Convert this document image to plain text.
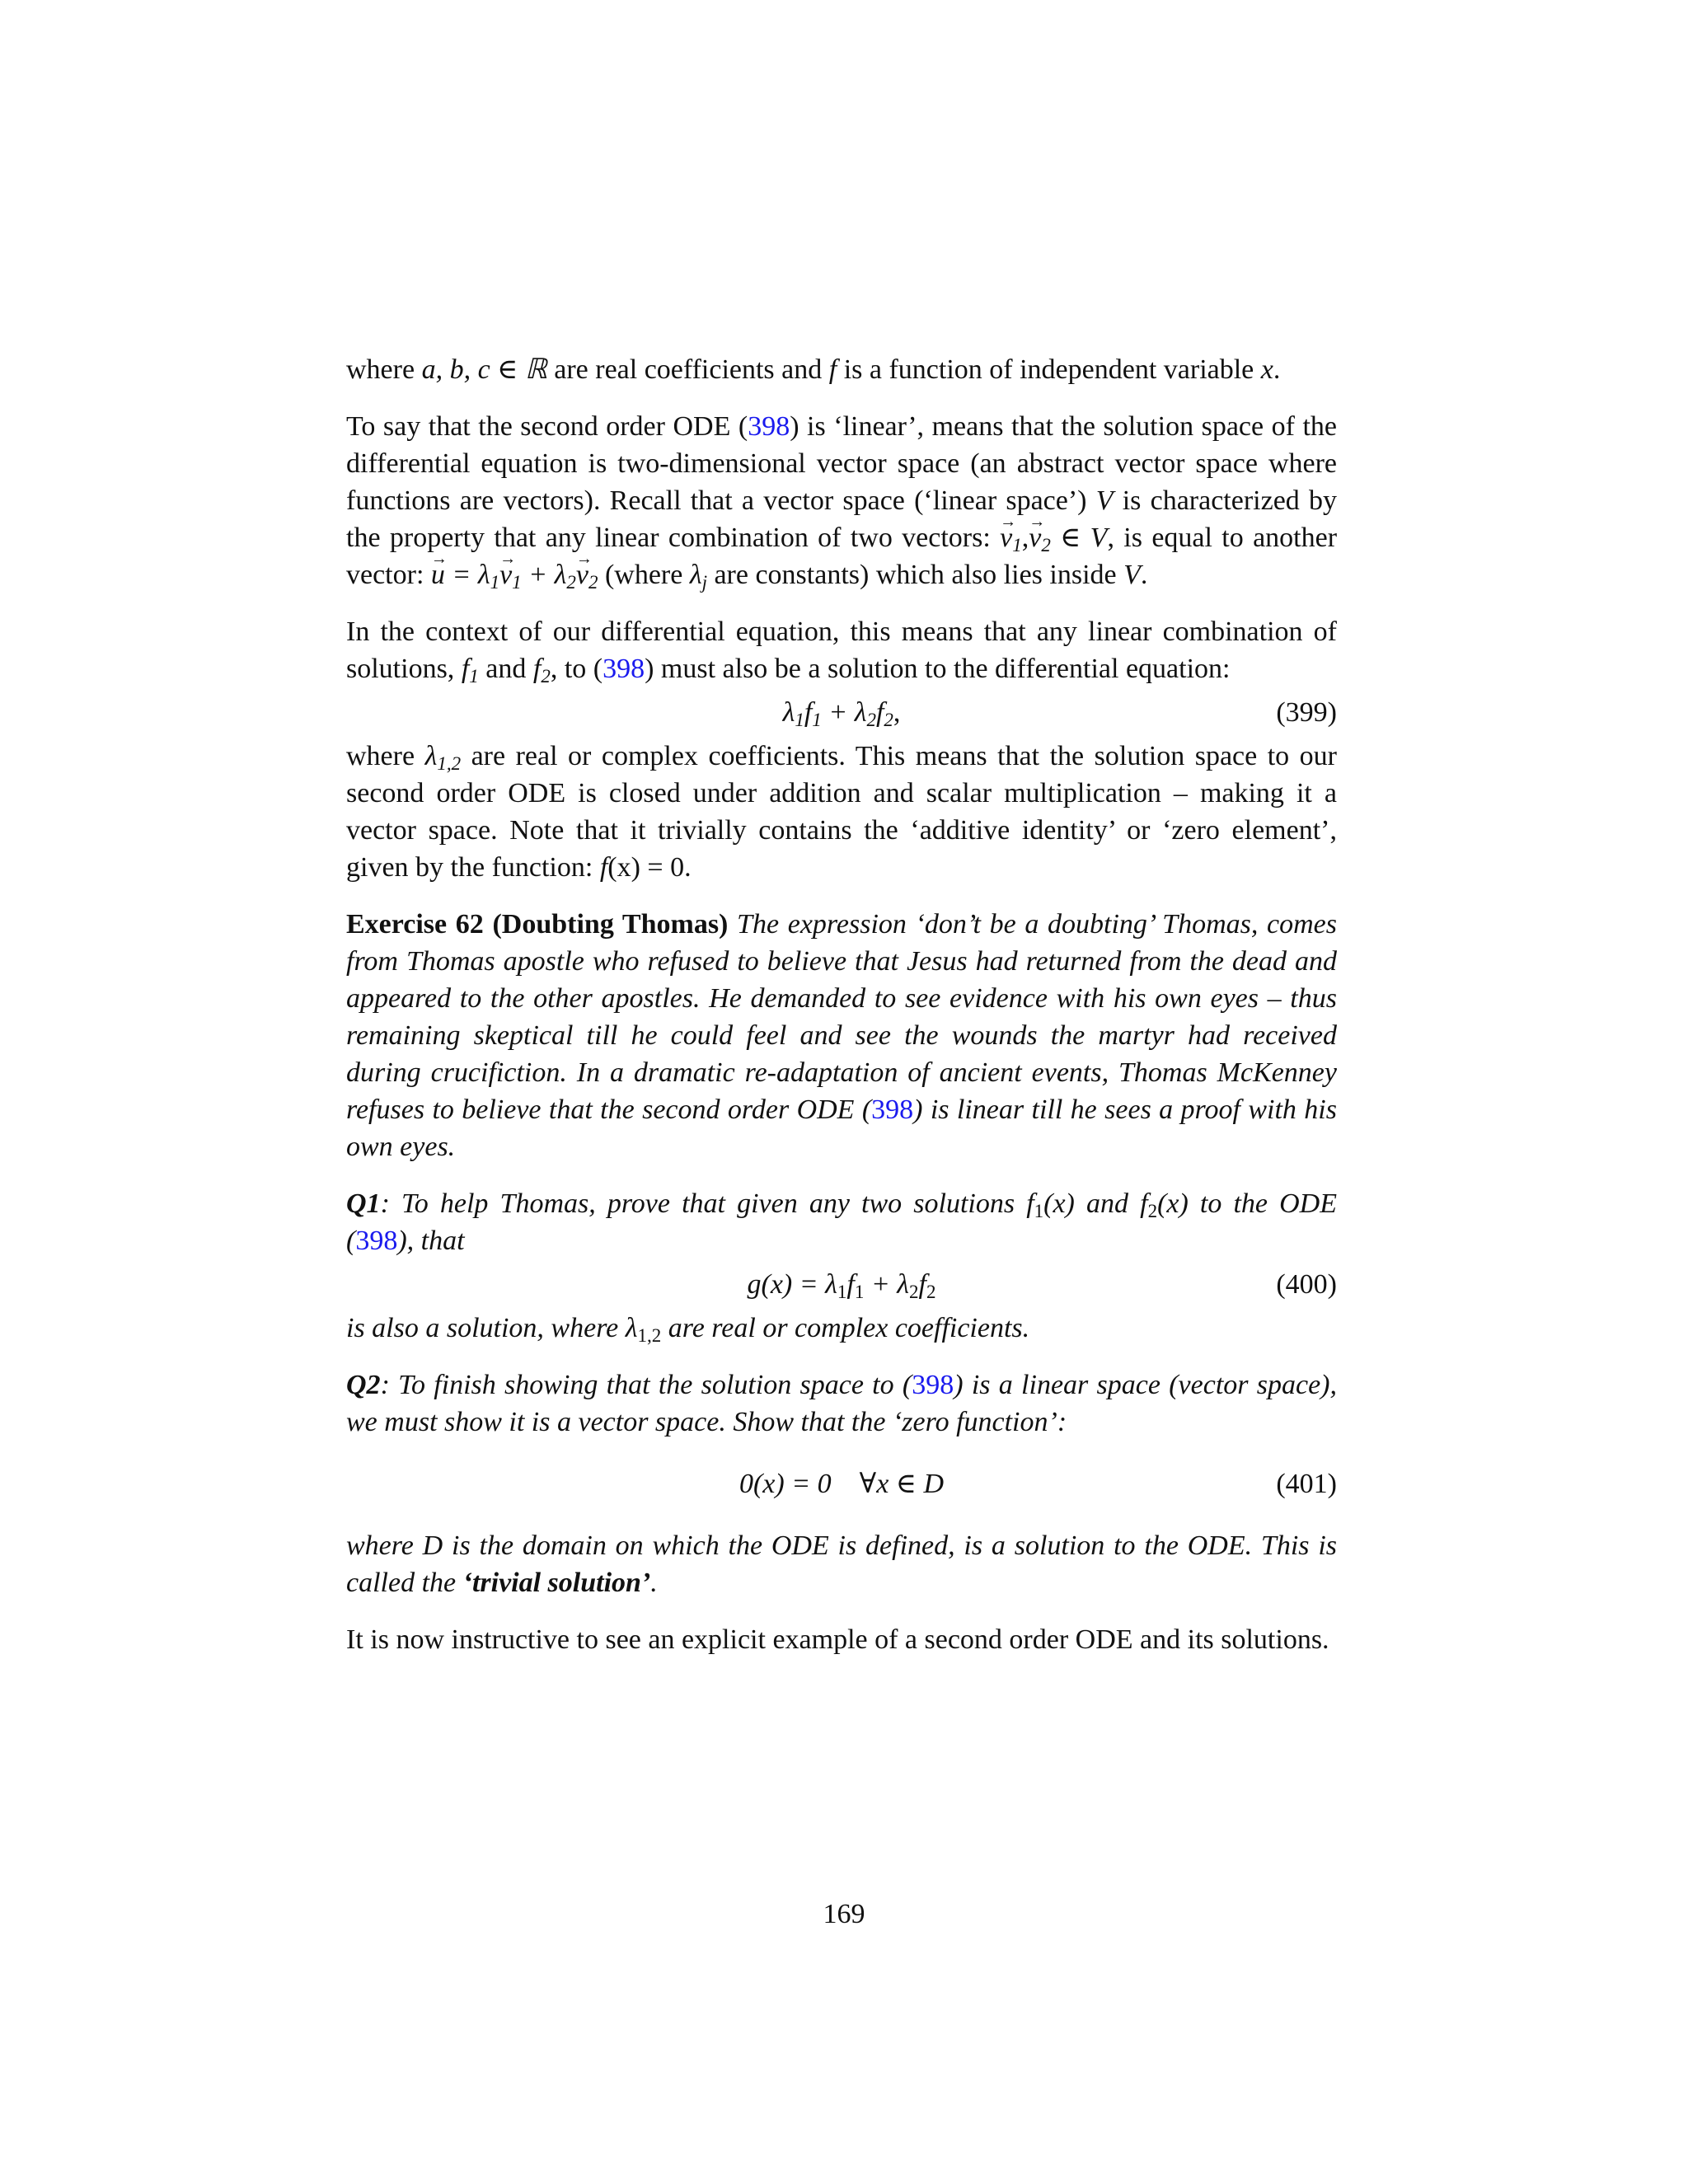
where a, b, c ∈ ℝ are real coefficients and f is a function of independent variable x.

To say that the second order ODE (398) is ‘linear’, means that the solution space of the differential equation is two-dimensional vector space (an abstract vector space where functions are vectors). Recall that a vector space (‘linear space’) V is characterized by the property that any linear combination of two vectors: → $v_1,\to v_2$ ∈ V, is equal to another vector: → $u = \lambda_1\to v_1 + \lambda_2\to v_2$ (where $\lambda_j$ are constants) which also lies inside V.

In the context of our differential equation, this means that any linear combination of solutions, $f_1$ and $f_2$, to (398) must also be a solution to the differential equation:

$\lambda_1f_1 + \lambda_2f_2$,	(399)

where $\lambda_{1,2}$ are real or complex coefficients. This means that the solution space to our second order ODE is closed under addition and scalar multiplication – making it a vector space. Note that it trivially contains the ‘additive identity’ or ‘zero element’, given by the function: f(x) = 0.

Exercise 62 (Doubting Thomas) The expression ‘don’t be a doubting’ Thomas, comes from Thomas apostle who refused to believe that Jesus had returned from the dead and appeared to the other apostles. He demanded to see evidence with his own eyes – thus remaining skeptical till he could feel and see the wounds the martyr had received during crucifiction. In a dramatic re-adaptation of ancient events, Thomas McKenney refuses to believe that the second order ODE (398) is linear till he sees a proof with his own eyes.

Q1: To help Thomas, prove that given any two solutions $f_1(x)$ and $f_2(x)$ to the ODE (398), that

$g(x) = \lambda_1f_1 + \lambda_2f_2$	(400)

is also a solution, where $\lambda_{1,2}$ are real or complex coefficients.

Q2: To finish showing that the solution space to (398) is a linear space (vector space), we must show it is a vector space. Show that the ‘zero function’:

0(x) = 0 ∀x ∈ D	(401)

where D is the domain on which the ODE is defined, is a solution to the ODE. This is called the ‘trivial solution’.

It is now instructive to see an explicit example of a second order ODE and its solutions.

169
